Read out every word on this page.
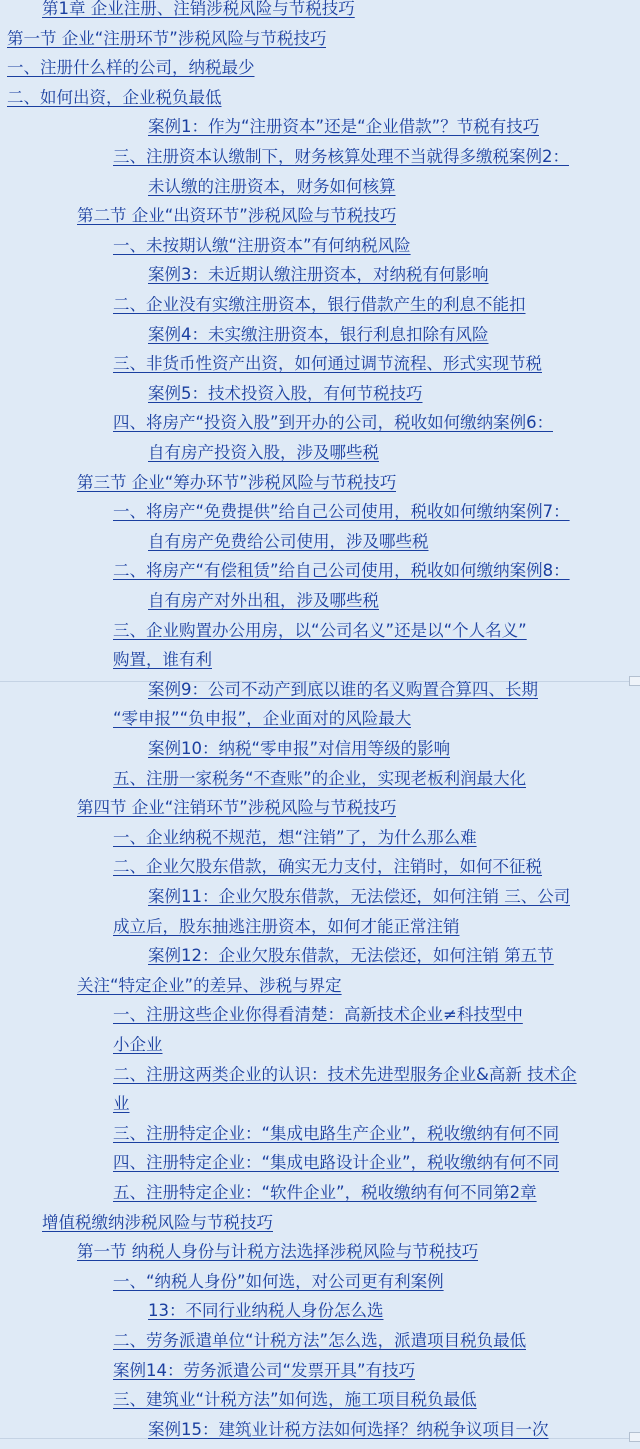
第1章 企业注册、注销涉税风险与节税技巧
第一节 企业“注册环节”涉税风险与节税技巧
一、注册什么样的公司，纳税最少
二、如何出资，企业税负最低
案例1：作为“注册资本”还是“企业借款”？节税有技巧
三、注册资本认缴制下，财务核算处理不当就得多缴税案例2：
未认缴的注册资本，财务如何核算
第二节 企业“出资环节”涉税风险与节税技巧
一、未按期认缴“注册资本”有何纳税风险
案例3：未近期认缴注册资本，对纳税有何影响
二、企业没有实缴注册资本，银行借款产生的利息不能扣
案例4：未实缴注册资本，银行利息扣除有风险
三、非货币性资产出资，如何通过调节流程、形式实现节税
案例5：技术投资入股，有何节税技巧
四、将房产“投资入股”到开办的公司，税收如何缴纳案例6：
自有房产投资入股，涉及哪些税
第三节 企业“筹办环节”涉税风险与节税技巧
一、将房产“免费提供”给自己公司使用，税收如何缴纳案例7：
自有房产免费给公司使用，涉及哪些税
二、将房产“有偿租赁”给自己公司使用，税收如何缴纳案例8：
自有房产对外出租，涉及哪些税
三、企业购置办公用房，以“公司名义”还是以“个人名义”
购置，谁有利
案例9：公司不动产到底以谁的名义购置合算四、长期
“零申报”“负申报”，企业面对的风险最大
案例10：纳税“零申报”对信用等级的影响
五、注册一家税务“不查账”的企业，实现老板利润最大化
第四节 企业“注销环节”涉税风险与节税技巧
一、企业纳税不规范，想“注销”了，为什么那么难
二、企业欠股东借款，确实无力支付，注销时，如何不征税
案例11：企业欠股东借款，无法偿还，如何注销 三、公司
成立后，股东抽逃注册资本，如何才能正常注销
案例12：企业欠股东借款，无法偿还，如何注销 第五节
关注“特定企业”的差异、涉税与界定
一、注册这些企业你得看清楚：高新技术企业≠科技型中
小企业
二、注册这两类企业的认识：技术先进型服务企业&高新 技术企
业
三、注册特定企业：“集成电路生产企业”，税收缴纳有何不同
四、注册特定企业：“集成电路设计企业”，税收缴纳有何不同
五、注册特定企业：“软件企业”，税收缴纳有何不同第2章
增值税缴纳涉税风险与节税技巧
第一节 纳税人身份与计税方法选择涉税风险与节税技巧
一、“纳税人身份”如何选，对公司更有利案例
13：不同行业纳税人身份怎么选
二、劳务派遣单位“计税方法”怎么选，派遣项目税负最低
案例14：劳务派遣公司“发票开具”有技巧
三、建筑业“计税方法”如何选，施工项目税负最低
案例15：建筑业计税方法如何选择？纳税争议项目一次
